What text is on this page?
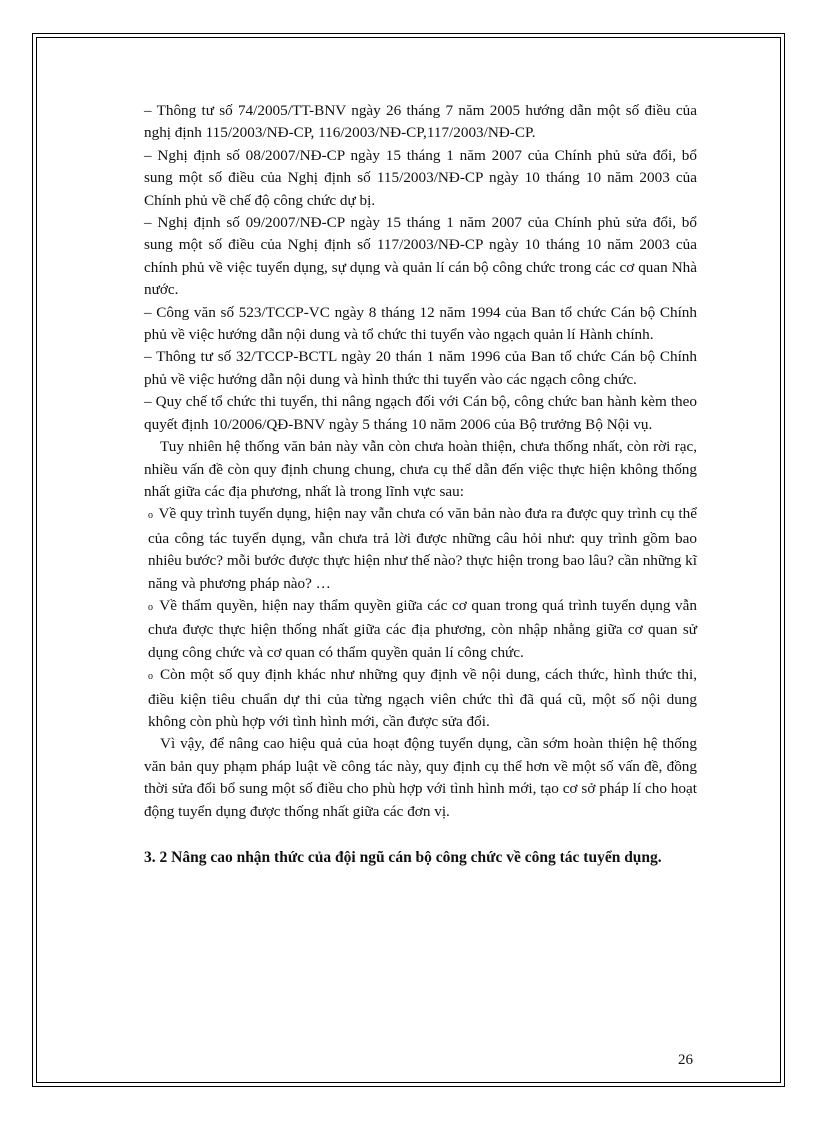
– Thông tư số 74/2005/TT-BNV ngày 26 tháng 7 năm 2005 hướng dẫn một số điều của nghị định 115/2003/NĐ-CP, 116/2003/NĐ-CP,117/2003/NĐ-CP.

– Nghị định số 08/2007/NĐ-CP ngày 15 tháng 1 năm 2007 của Chính phủ sửa đổi, bổ sung một số điều của Nghị định số 115/2003/NĐ-CP ngày 10 tháng 10 năm 2003 của Chính phủ về chế độ công chức dự bị.

– Nghị định số 09/2007/NĐ-CP ngày 15 tháng 1 năm 2007 của Chính phủ sửa đổi, bổ sung một số điều của Nghị định số 117/2003/NĐ-CP ngày 10 tháng 10 năm 2003 của chính phủ về việc tuyển dụng, sự dụng và quản lí cán bộ công chức trong các cơ quan Nhà nước.

– Công văn số 523/TCCP-VC ngày 8 tháng 12 năm 1994 của Ban tổ chức Cán bộ Chính phủ về việc hướng dẫn nội dung và tổ chức thi tuyển vào ngạch quản lí Hành chính.

– Thông tư số 32/TCCP-BCTL ngày 20 thán 1 năm 1996 của Ban tổ chức Cán bộ Chính phủ về việc hướng dẫn nội dung và hình thức thi tuyển vào các ngạch công chức.

– Quy chế tổ chức thi tuyển, thi nâng ngạch đối với Cán bộ, công chức ban hành kèm theo quyết định 10/2006/QĐ-BNV ngày 5 tháng 10 năm 2006 của Bộ trưởng Bộ Nội vụ.

Tuy nhiên hệ thống văn bản này vẫn còn chưa hoàn thiện, chưa thống nhất, còn rời rạc, nhiều vấn đề còn quy định chung chung, chưa cụ thể dẫn đến việc thực hiện không thống nhất giữa các địa phương, nhất là trong lĩnh vực sau:

o Về quy trình tuyển dụng, hiện nay vẫn chưa có văn bản nào đưa ra được quy trình cụ thể của công tác tuyển dụng, vẫn chưa trả lời được những câu hỏi như: quy trình gồm bao nhiêu bước? mỗi bước được thực hiện như thế nào? thực hiện trong bao lâu? cần những kĩ năng và phương pháp nào? …

o Về thẩm quyền, hiện nay thẩm quyền giữa các cơ quan trong quá trình tuyển dụng vẫn chưa được thực hiện thống nhất giữa các địa phương, còn nhập nhằng giữa cơ quan sử dụng công chức và cơ quan có thẩm quyền quản lí công chức.

o Còn một số quy định khác như những quy định về nội dung, cách thức, hình thức thi, điều kiện tiêu chuẩn dự thi của từng ngạch viên chức thì đã quá cũ, một số nội dung không còn phù hợp với tình hình mới, cần được sửa đổi.

Vì vậy, để nâng cao hiệu quả của hoạt động tuyển dụng, cần sớm hoàn thiện hệ thống văn bản quy phạm pháp luật về công tác này, quy định cụ thể hơn về một số vấn đề, đồng thời sửa đổi bổ sung một số điều cho phù hợp với tình hình mới, tạo cơ sở pháp lí cho hoạt động tuyển dụng được thống nhất giữa các đơn vị.

3. 2 Nâng cao nhận thức của đội ngũ cán bộ công chức về công tác tuyển dụng.

26
